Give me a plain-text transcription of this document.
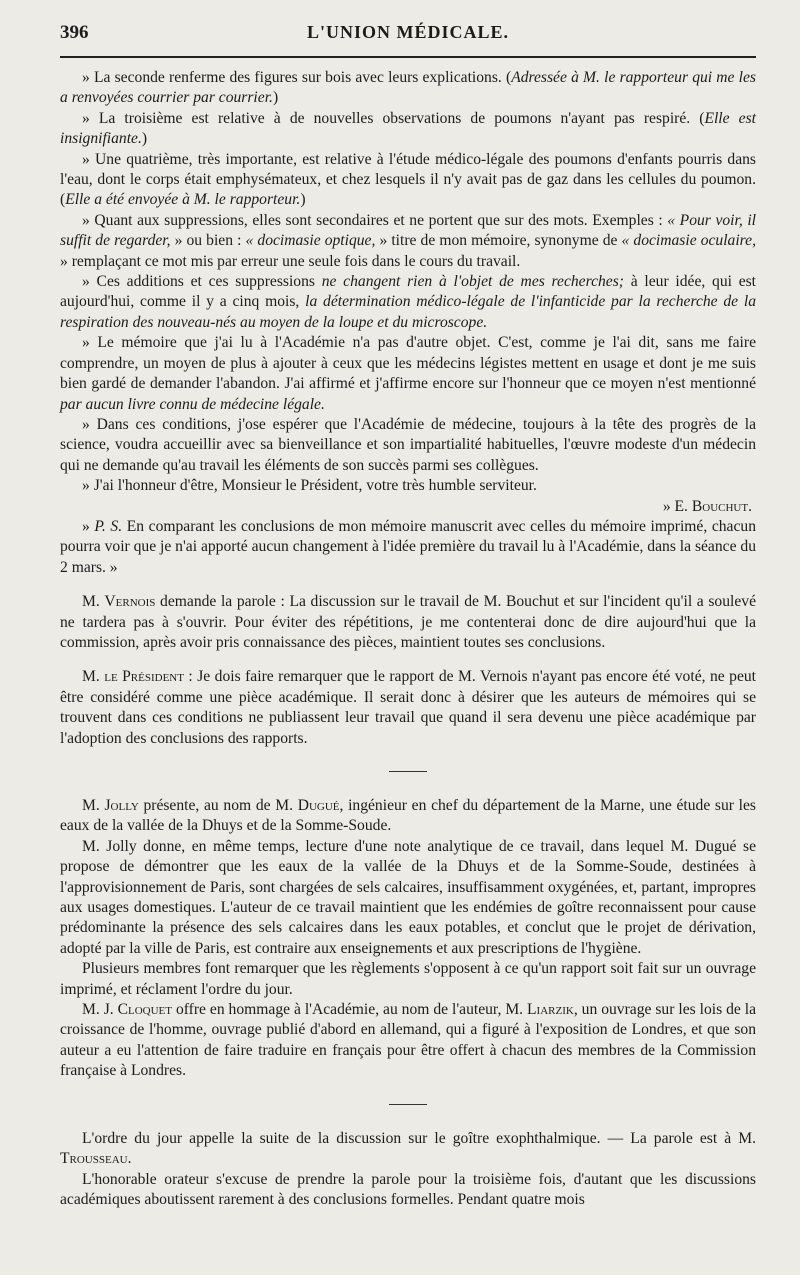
396	L'UNION MÉDICALE.

» La seconde renferme des figures sur bois avec leurs explications. (Adressée à M. le rapporteur qui me les a renvoyées courrier par courrier.)

» La troisième est relative à de nouvelles observations de poumons n'ayant pas respiré. (Elle est insignifiante.)

» Une quatrième, très importante, est relative à l'étude médico-légale des poumons d'enfants pourris dans l'eau, dont le corps était emphysémateux, et chez lesquels il n'y avait pas de gaz dans les cellules du poumon. (Elle a été envoyée à M. le rapporteur.)

» Quant aux suppressions, elles sont secondaires et ne portent que sur des mots. Exemples : « Pour voir, il suffit de regarder, » ou bien : « docimasie optique, » titre de mon mémoire, synonyme de « docimasie oculaire, » remplaçant ce mot mis par erreur une seule fois dans le cours du travail.

» Ces additions et ces suppressions ne changent rien à l'objet de mes recherches; à leur idée, qui est aujourd'hui, comme il y a cinq mois, la détermination médico-légale de l'infanticide par la recherche de la respiration des nouveau-nés au moyen de la loupe et du microscope.

» Le mémoire que j'ai lu à l'Académie n'a pas d'autre objet. C'est, comme je l'ai dit, sans me faire comprendre, un moyen de plus à ajouter à ceux que les médecins légistes mettent en usage et dont je me suis bien gardé de demander l'abandon. J'ai affirmé et j'affirme encore sur l'honneur que ce moyen n'est mentionné par aucun livre connu de médecine légale.

» Dans ces conditions, j'ose espérer que l'Académie de médecine, toujours à la tête des progrès de la science, voudra accueillir avec sa bienveillance et son impartialité habituelles, l'œuvre modeste d'un médecin qui ne demande qu'au travail les éléments de son succès parmi ses collègues.

» J'ai l'honneur d'être, Monsieur le Président, votre très humble serviteur.

» E. Bouchut.

» P. S. En comparant les conclusions de mon mémoire manuscrit avec celles du mémoire imprimé, chacun pourra voir que je n'ai apporté aucun changement à l'idée première du travail lu à l'Académie, dans la séance du 2 mars. »

M. Vernois demande la parole : La discussion sur le travail de M. Bouchut et sur l'incident qu'il a soulevé ne tardera pas à s'ouvrir. Pour éviter des répétitions, je me contenterai donc de dire aujourd'hui que la commission, après avoir pris connaissance des pièces, maintient toutes ses conclusions.

M. le Président : Je dois faire remarquer que le rapport de M. Vernois n'ayant pas encore été voté, ne peut être considéré comme une pièce académique. Il serait donc à désirer que les auteurs de mémoires qui se trouvent dans ces conditions ne publiassent leur travail que quand il sera devenu une pièce académique par l'adoption des conclusions des rapports.

M. Jolly présente, au nom de M. Dugué, ingénieur en chef du département de la Marne, une étude sur les eaux de la vallée de la Dhuys et de la Somme-Soude.

M. Jolly donne, en même temps, lecture d'une note analytique de ce travail, dans lequel M. Dugué se propose de démontrer que les eaux de la vallée de la Dhuys et de la Somme-Soude, destinées à l'approvisionnement de Paris, sont chargées de sels calcaires, insuffisamment oxygénées, et, partant, impropres aux usages domestiques. L'auteur de ce travail maintient que les endémies de goître reconnaissent pour cause prédominante la présence des sels calcaires dans les eaux potables, et conclut que le projet de dérivation, adopté par la ville de Paris, est contraire aux enseignements et aux prescriptions de l'hygiène.

Plusieurs membres font remarquer que les règlements s'opposent à ce qu'un rapport soit fait sur un ouvrage imprimé, et réclament l'ordre du jour.

M. J. Cloquet offre en hommage à l'Académie, au nom de l'auteur, M. Liarzik, un ouvrage sur les lois de la croissance de l'homme, ouvrage publié d'abord en allemand, qui a figuré à l'exposition de Londres, et que son auteur a eu l'attention de faire traduire en français pour être offert à chacun des membres de la Commission française à Londres.

L'ordre du jour appelle la suite de la discussion sur le goître exophthalmique. — La parole est à M. Trousseau.

L'honorable orateur s'excuse de prendre la parole pour la troisième fois, d'autant que les discussions académiques aboutissent rarement à des conclusions formelles. Pendant quatre mois
